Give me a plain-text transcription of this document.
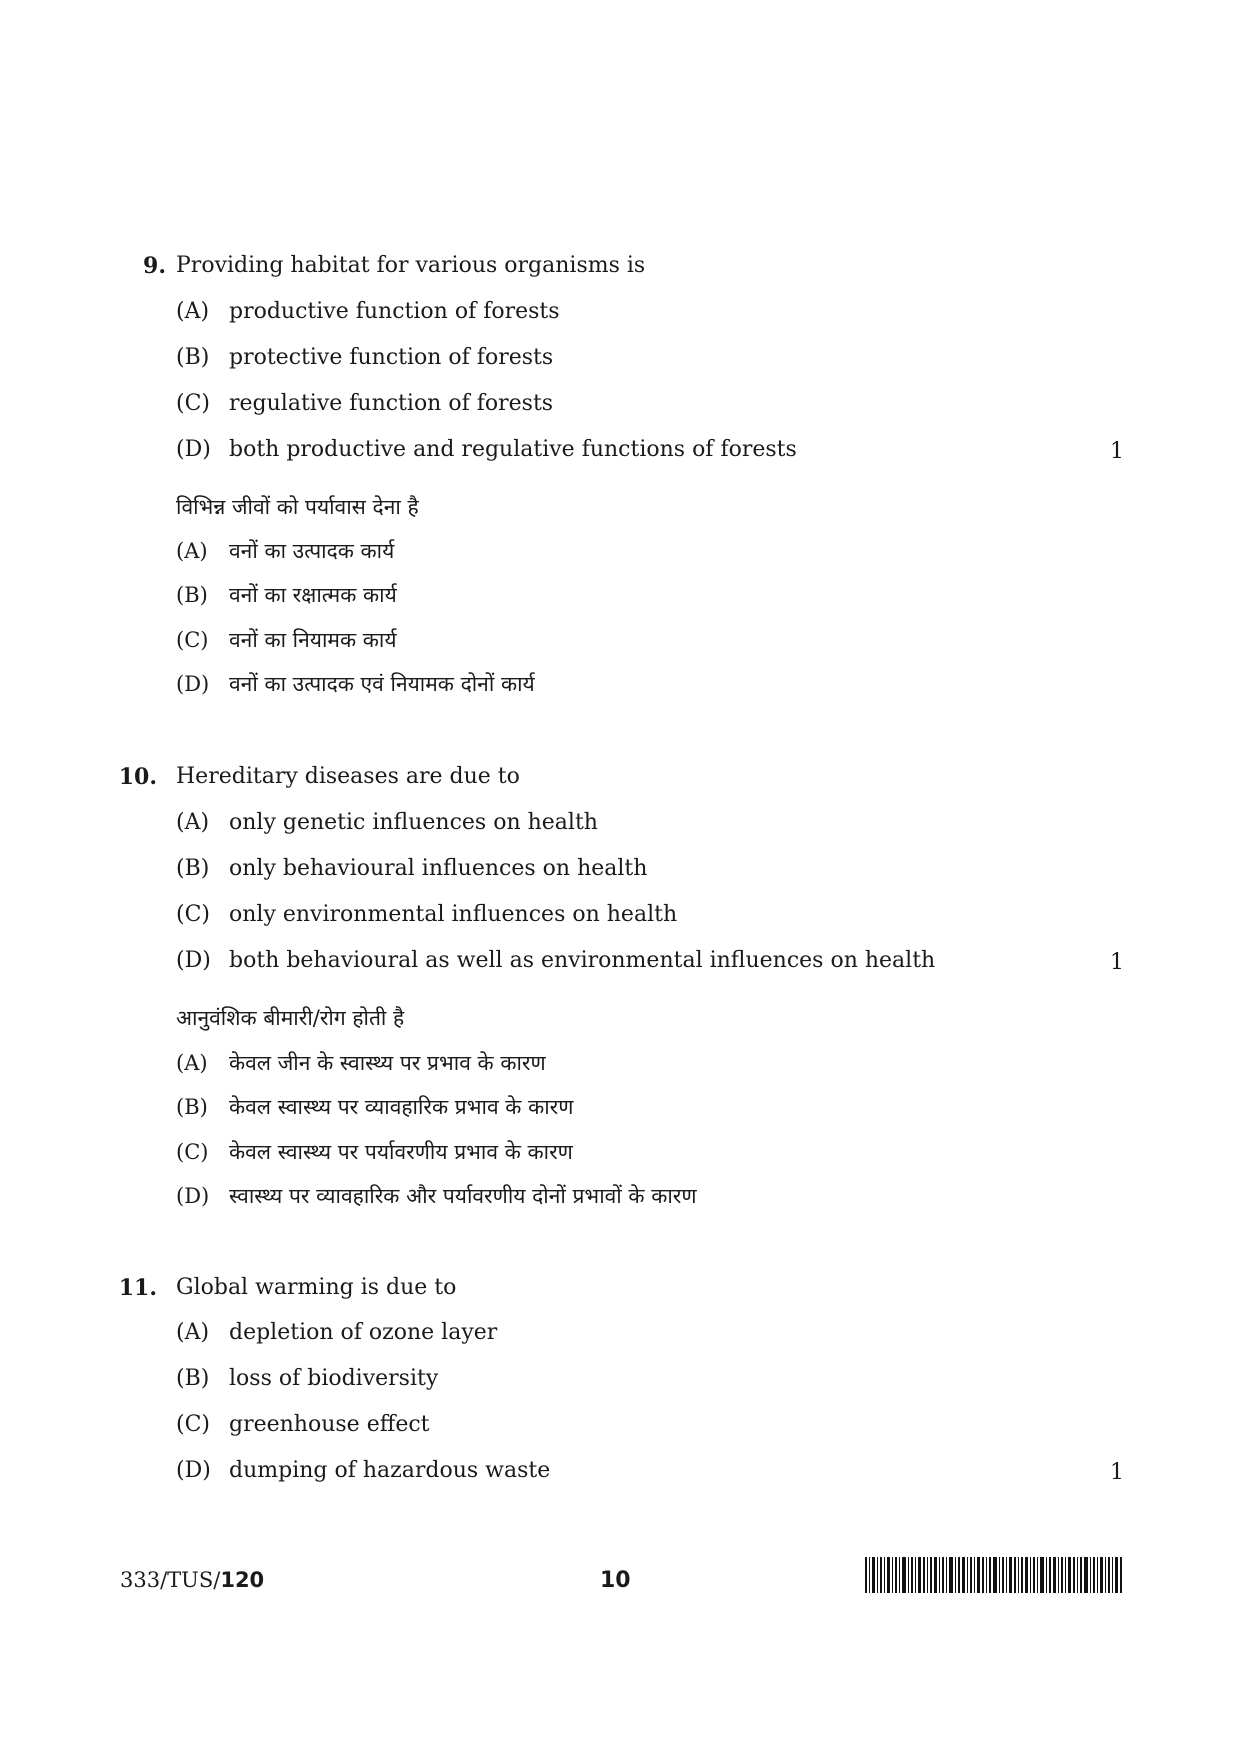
9. Providing habitat for various organisms is
(A) productive function of forests
(B) protective function of forests
(C) regulative function of forests
(D) both productive and regulative functions of forests	1
विभिन्न जीवों को पर्यावास देना है
(A) वनों का उत्पादक कार्य
(B) वनों का रक्षात्मक कार्य
(C) वनों का नियामक कार्य
(D) वनों का उत्पादक एवं नियामक दोनों कार्य
10. Hereditary diseases are due to
(A) only genetic influences on health
(B) only behavioural influences on health
(C) only environmental influences on health
(D) both behavioural as well as environmental influences on health	1
आनुवंशिक बीमारी/रोग होती है
(A) केवल जीन के स्वास्थ्य पर प्रभाव के कारण
(B) केवल स्वास्थ्य पर व्यावहारिक प्रभाव के कारण
(C) केवल स्वास्थ्य पर पर्यावरणीय प्रभाव के कारण
(D) स्वास्थ्य पर व्यावहारिक और पर्यावरणीय दोनों प्रभावों के कारण
11. Global warming is due to
(A) depletion of ozone layer
(B) loss of biodiversity
(C) greenhouse effect
(D) dumping of hazardous waste	1
333/TUS/120	10
